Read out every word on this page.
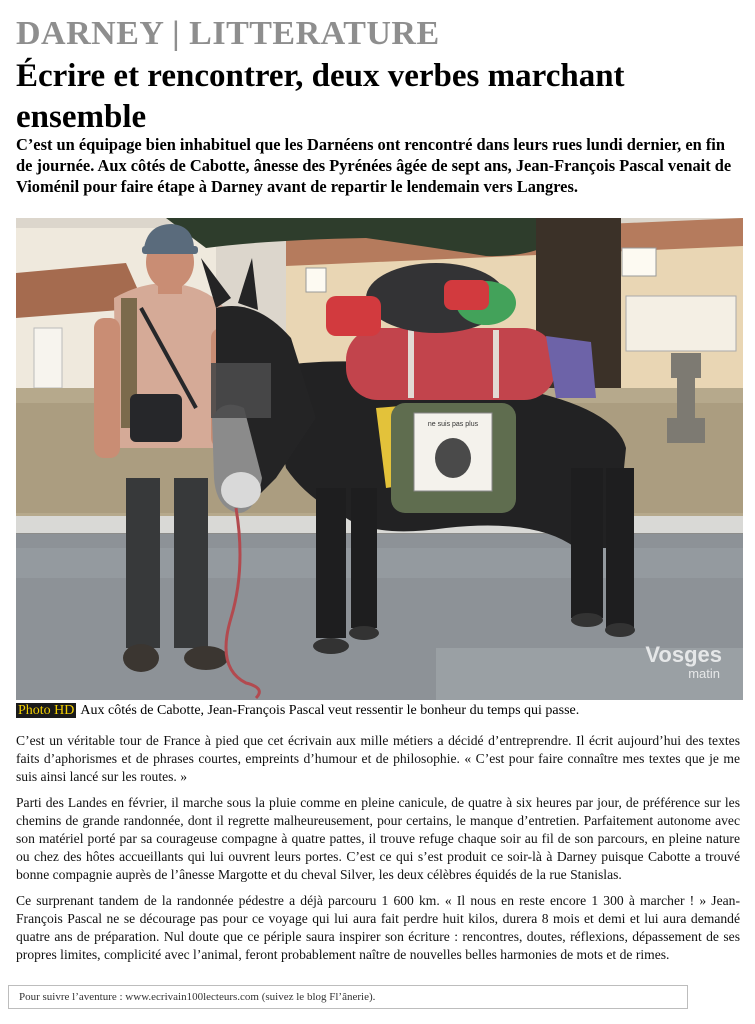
DARNEY | LITTERATURE
Écrire et rencontrer, deux verbes marchant ensemble

C’est un équipage bien inhabituel que les Darnéens ont rencontré dans leurs rues lundi dernier, en fin de journée. Aux côtés de Cabotte, ânesse des Pyrénées âgée de sept ans, Jean-François Pascal venait de Vioménil pour faire étape à Darney avant de repartir le lendemain vers Langres.

ne suis pas plus
Vosges
matin
Photo HD Aux côtés de Cabotte, Jean-François Pascal veut ressentir le bonheur du temps qui passe.

C’est un véritable tour de France à pied que cet écrivain aux mille métiers a décidé d’entreprendre. Il écrit aujourd’hui des textes faits d’aphorismes et de phrases courtes, empreints d’humour et de philosophie. « C’est pour faire connaître mes textes que je me suis ainsi lancé sur les routes. »

Parti des Landes en février, il marche sous la pluie comme en pleine canicule, de quatre à six heures par jour, de préférence sur les chemins de grande randonnée, dont il regrette malheureusement, pour certains, le manque d’entretien. Parfaitement autonome avec son matériel porté par sa courageuse compagne à quatre pattes, il trouve refuge chaque soir au fil de son parcours, en pleine nature ou chez des hôtes accueillants qui lui ouvrent leurs portes. C’est ce qui s’est produit ce soir-là à Darney puisque Cabotte a trouvé bonne compagnie auprès de l’ânesse Margotte et du cheval Silver, les deux célèbres équidés de la rue Stanislas.

Ce surprenant tandem de la randonnée pédestre a déjà parcouru 1 600 km. « Il nous en reste encore 1 300 à marcher ! » Jean-François Pascal ne se décourage pas pour ce voyage qui lui aura fait perdre huit kilos, durera 8 mois et demi et lui aura demandé quatre ans de préparation. Nul doute que ce périple saura inspirer son écriture : rencontres, doutes, réflexions, dépassement de ses propres limites, complicité avec l’animal, feront probablement naître de nouvelles belles harmonies de mots et de rimes.

Pour suivre l’aventure : www.ecrivain100lecteurs.com (suivez le blog Fl’ânerie).
